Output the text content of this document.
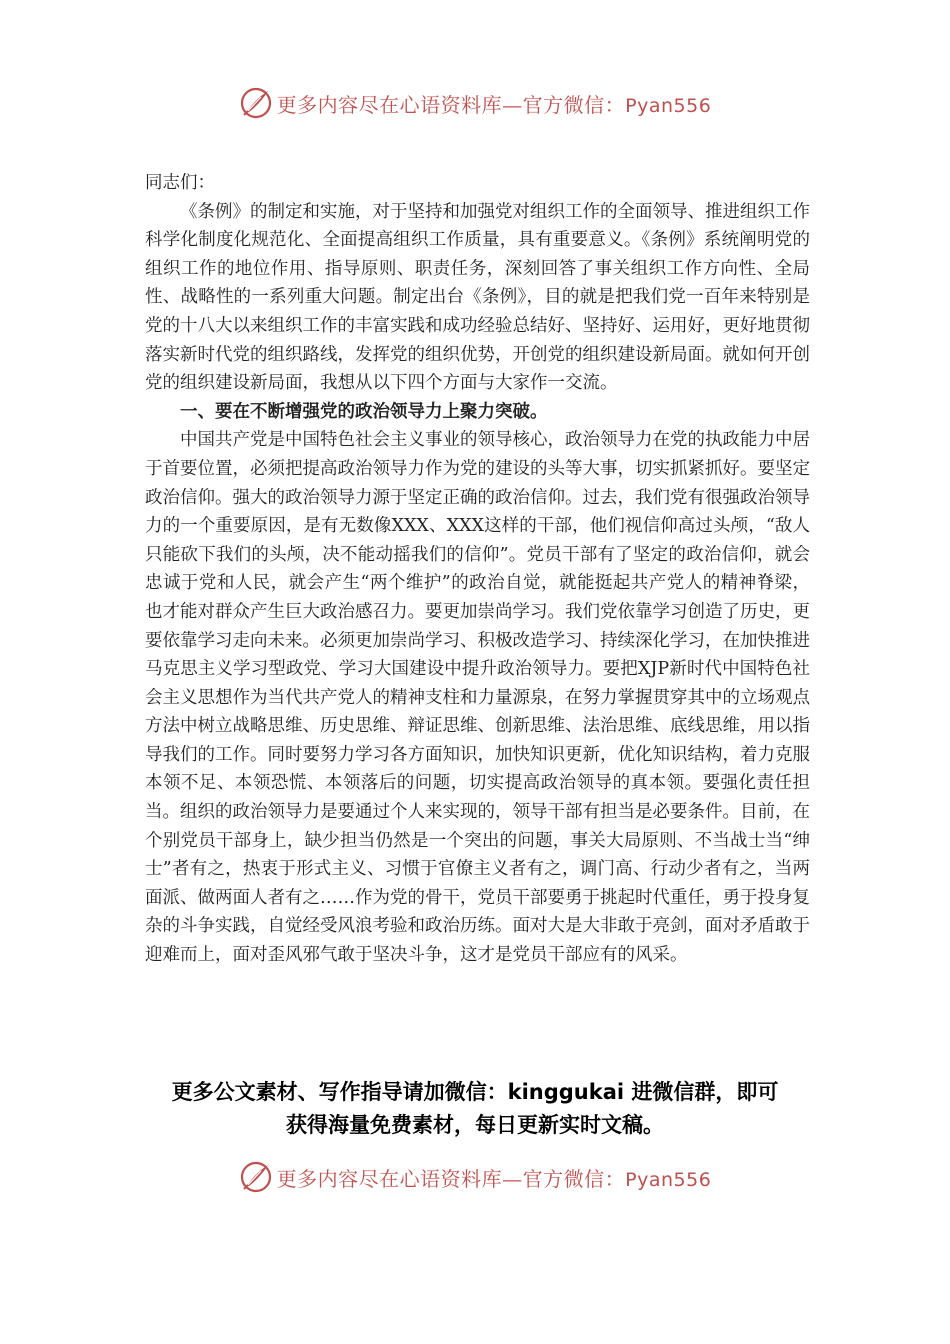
更多内容尽在心语资料库—官方微信：Pyan556

同志们：

《条例》的制定和实施，对于坚持和加强党对组织工作的全面领导、推进组织工作科学化制度化规范化、全面提高组织工作质量，具有重要意义。《条例》系统阐明党的组织工作的地位作用、指导原则、职责任务，深刻回答了事关组织工作方向性、全局性、战略性的一系列重大问题。制定出台《条例》，目的就是把我们党一百年来特别是党的十八大以来组织工作的丰富实践和成功经验总结好、坚持好、运用好，更好地贯彻落实新时代党的组织路线，发挥党的组织优势，开创党的组织建设新局面。就如何开创党的组织建设新局面，我想从以下四个方面与大家作一交流。

一、要在不断增强党的政治领导力上聚力突破。

中国共产党是中国特色社会主义事业的领导核心，政治领导力在党的执政能力中居于首要位置，必须把提高政治领导力作为党的建设的头等大事，切实抓紧抓好。要坚定政治信仰。强大的政治领导力源于坚定正确的政治信仰。过去，我们党有很强政治领导力的一个重要原因，是有无数像XXX、XXX这样的干部，他们视信仰高过头颅，“敌人只能砍下我们的头颅，决不能动摇我们的信仰”。党员干部有了坚定的政治信仰，就会忠诚于党和人民，就会产生“两个维护”的政治自觉，就能挺起共产党人的精神脊梁，也才能对群众产生巨大政治感召力。要更加崇尚学习。我们党依靠学习创造了历史，更要依靠学习走向未来。必须更加崇尚学习、积极改造学习、持续深化学习，在加快推进马克思主义学习型政党、学习大国建设中提升政治领导力。要把XJP新时代中国特色社会主义思想作为当代共产党人的精神支柱和力量源泉，在努力掌握贯穿其中的立场观点方法中树立战略思维、历史思维、辩证思维、创新思维、法治思维、底线思维，用以指导我们的工作。同时要努力学习各方面知识，加快知识更新，优化知识结构，着力克服本领不足、本领恐慌、本领落后的问题，切实提高政治领导的真本领。要强化责任担当。组织的政治领导力是要通过个人来实现的，领导干部有担当是必要条件。目前，在个别党员干部身上，缺少担当仍然是一个突出的问题，事关大局原则、不当战士当“绅士”者有之，热衷于形式主义、习惯于官僚主义者有之，调门高、行动少者有之，当两面派、做两面人者有之……作为党的骨干，党员干部要勇于挑起时代重任，勇于投身复杂的斗争实践，自觉经受风浪考验和政治历练。面对大是大非敢于亮剑，面对矛盾敢于迎难而上，面对歪风邪气敢于坚决斗争，这才是党员干部应有的风采。

更多公文素材、写作指导请加微信：kinggukai 进微信群，即可

获得海量免费素材，每日更新实时文稿。

更多内容尽在心语资料库—官方微信：Pyan556
